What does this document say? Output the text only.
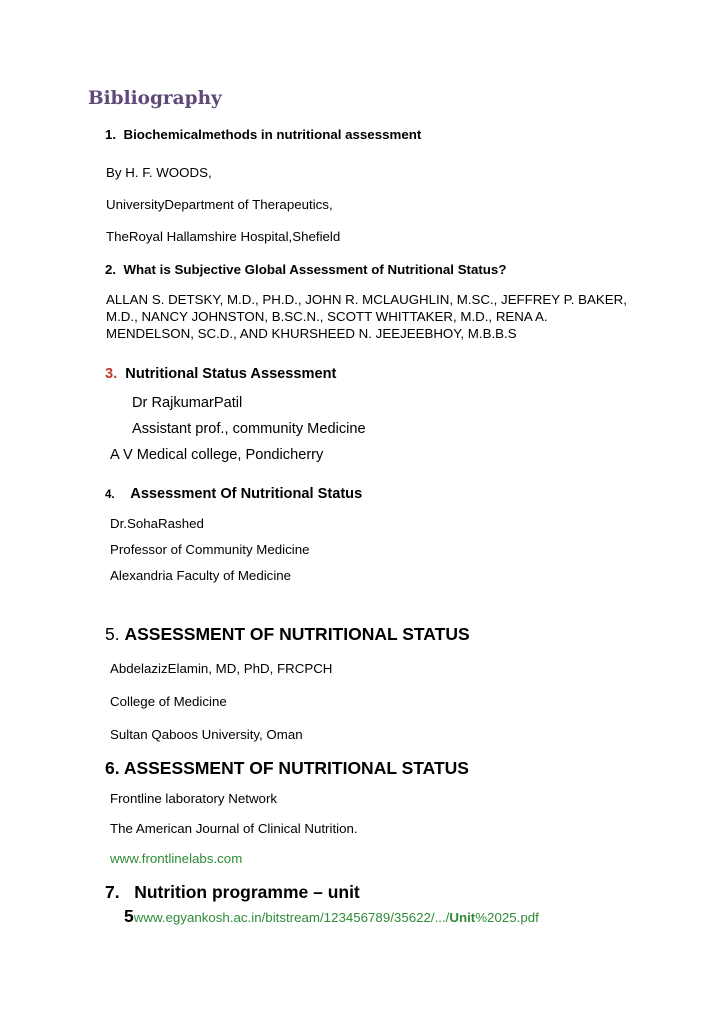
Bibliography
1. Biochemicalmethods in nutritional assessment
By H. F. WOODS,
UniversityDepartment of Therapeutics,
TheRoyal Hallamshire Hospital,Shefield
2. What is Subjective Global Assessment of Nutritional Status?
ALLAN S. DETSKY, M.D., PH.D., JOHN R. MCLAUGHLIN, M.SC., JEFFREY P. BAKER,
M.D., NANCY JOHNSTON, B.SC.N., SCOTT WHITTAKER, M.D., RENA A.
MENDELSON, SC.D., AND KHURSHEED N. JEEJEEBHOY, M.B.B.S
3. Nutritional Status Assessment
Dr RajkumarPatil
Assistant prof., community Medicine
A V Medical college, Pondicherry
4. Assessment Of Nutritional Status
Dr.SohaRashed
Professor of Community Medicine
Alexandria Faculty of Medicine
5. ASSESSMENT OF NUTRITIONAL STATUS
AbdelazizElamin, MD, PhD, FRCPCH
College of Medicine
Sultan Qaboos University, Oman
6. ASSESSMENT OF NUTRITIONAL STATUS
Frontline laboratory Network
The American Journal of Clinical Nutrition.
www.frontlinelabs.com
7. Nutrition programme – unit
5www.egyankosh.ac.in/bitstream/123456789/35622/.../Unit%2025.pdf
